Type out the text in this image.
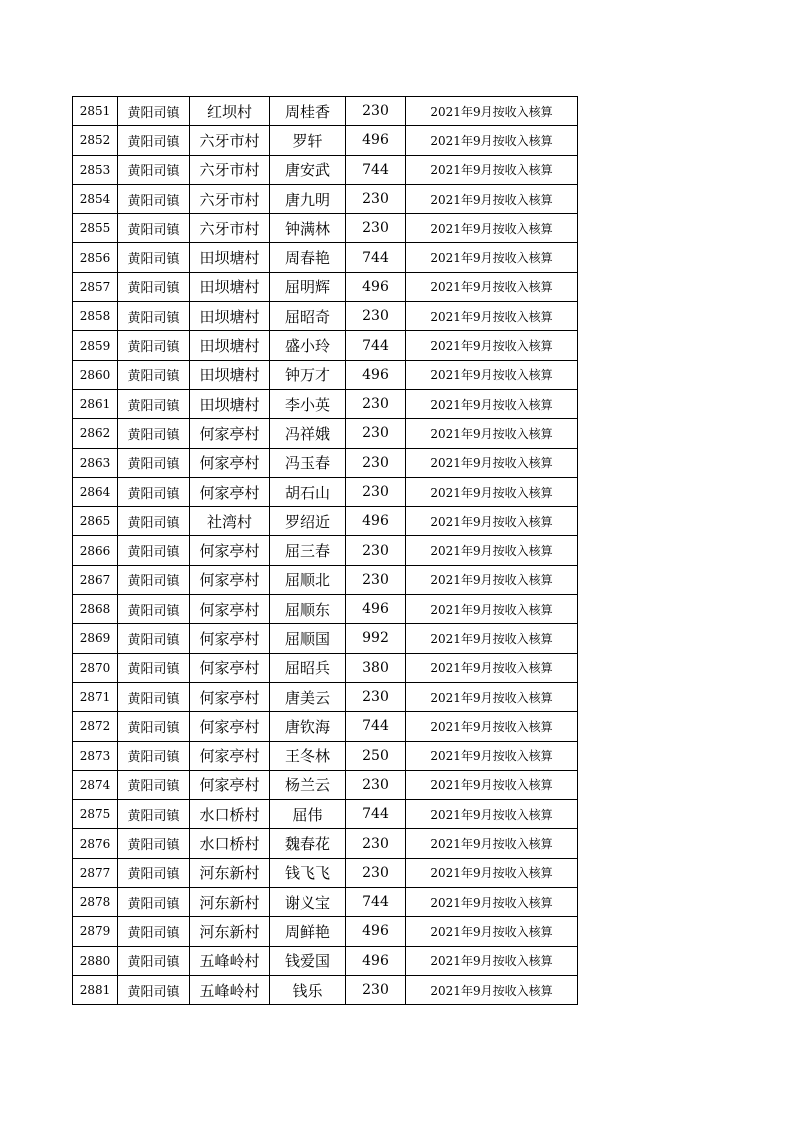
2851	黄阳司镇	红坝村	周桂香	230	2021年9月按收入核算
2852	黄阳司镇	六牙市村	罗轩	496	2021年9月按收入核算
2853	黄阳司镇	六牙市村	唐安武	744	2021年9月按收入核算
2854	黄阳司镇	六牙市村	唐九明	230	2021年9月按收入核算
2855	黄阳司镇	六牙市村	钟满林	230	2021年9月按收入核算
2856	黄阳司镇	田坝塘村	周春艳	744	2021年9月按收入核算
2857	黄阳司镇	田坝塘村	屈明辉	496	2021年9月按收入核算
2858	黄阳司镇	田坝塘村	屈昭奇	230	2021年9月按收入核算
2859	黄阳司镇	田坝塘村	盛小玲	744	2021年9月按收入核算
2860	黄阳司镇	田坝塘村	钟万才	496	2021年9月按收入核算
2861	黄阳司镇	田坝塘村	李小英	230	2021年9月按收入核算
2862	黄阳司镇	何家亭村	冯祥娥	230	2021年9月按收入核算
2863	黄阳司镇	何家亭村	冯玉春	230	2021年9月按收入核算
2864	黄阳司镇	何家亭村	胡石山	230	2021年9月按收入核算
2865	黄阳司镇	社湾村	罗绍近	496	2021年9月按收入核算
2866	黄阳司镇	何家亭村	屈三春	230	2021年9月按收入核算
2867	黄阳司镇	何家亭村	屈顺北	230	2021年9月按收入核算
2868	黄阳司镇	何家亭村	屈顺东	496	2021年9月按收入核算
2869	黄阳司镇	何家亭村	屈顺国	992	2021年9月按收入核算
2870	黄阳司镇	何家亭村	屈昭兵	380	2021年9月按收入核算
2871	黄阳司镇	何家亭村	唐美云	230	2021年9月按收入核算
2872	黄阳司镇	何家亭村	唐钦海	744	2021年9月按收入核算
2873	黄阳司镇	何家亭村	王冬林	250	2021年9月按收入核算
2874	黄阳司镇	何家亭村	杨兰云	230	2021年9月按收入核算
2875	黄阳司镇	水口桥村	屈伟	744	2021年9月按收入核算
2876	黄阳司镇	水口桥村	魏春花	230	2021年9月按收入核算
2877	黄阳司镇	河东新村	钱飞飞	230	2021年9月按收入核算
2878	黄阳司镇	河东新村	谢义宝	744	2021年9月按收入核算
2879	黄阳司镇	河东新村	周鲜艳	496	2021年9月按收入核算
2880	黄阳司镇	五峰岭村	钱爱国	496	2021年9月按收入核算
2881	黄阳司镇	五峰岭村	钱乐	230	2021年9月按收入核算
